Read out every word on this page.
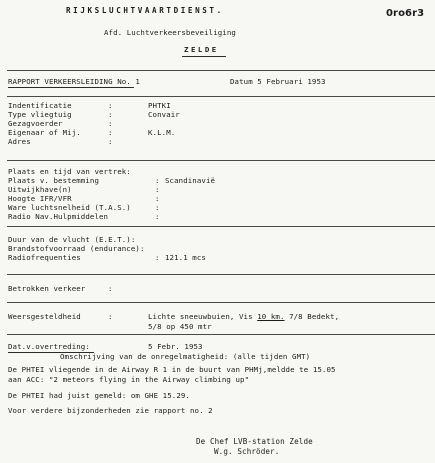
RIJKSLUCHTVAARTDIENST.	0ro6r3
Afd. Luchtverkeersbeveiliging
ZELDE
RAPPORT VERKEERSLEIDING No. 1	Datum 5 Februari 1953
Indentificatie	:	PHTKI
Type vliegtuig	:	Convair
Gezagvoerder	:
Eigenaar of Mij.	:	K.L.M.
Adres	:
Plaats en tijd van vertrek:
Plaats v. bestemming	: Scandinavië
Uitwijkhave(n)	:
Hoogte IFR/VFR	:
Ware luchtsnelheid (T.A.S.)	:
Radio Nav.Hulpmiddelen	:
Duur van de vlucht (E.E.T.) :
Brandstofvoorraad (endurance) :
Radiofrequenties	: 121.1 mcs
Betrokken verkeer	:
Weersgesteldheid	:	Lichte sneeuwbuien, Vis 10 km. 7/8 Bedekt,
5/8 op 450 mtr
Dat.v.overtreding:	5 Febr. 1953
Omschrijving van de onregelmatigheid: (alle tijden GMT)
De PHTEI vliegende in de Airway R 1 in de buurt van PHMj,meldde te 15.05
aan ACC: "2 meteors flying in the Airway climbing up"
De PHTEI had juist gemeld: om GHE 15.29.
Voor verdere bijzonderheden zie rapport no. 2
De Chef LVB-station Zelde
W.g. Schröder.
